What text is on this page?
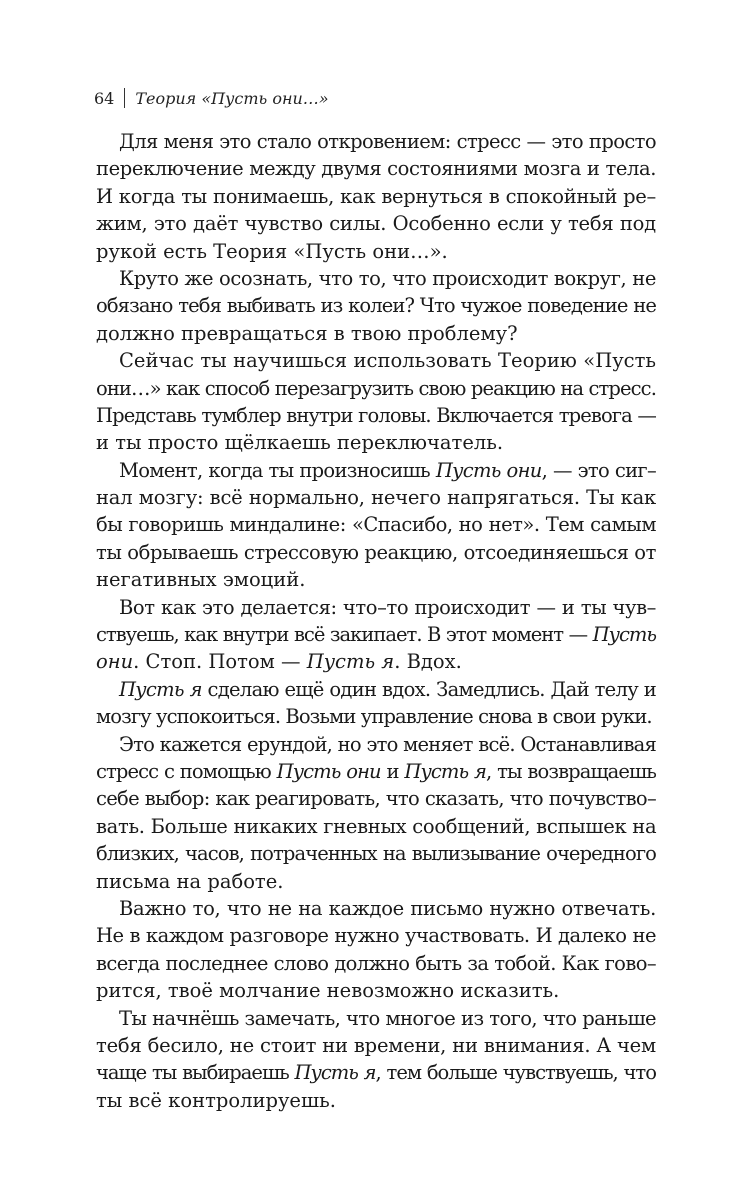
64 Теория «Пусть они…»
Для меня это стало откровением: стресс — это просто
переключение между двумя состояниями мозга и тела.
И когда ты понимаешь, как вернуться в спокойный ре–
жим, это даёт чувство силы. Особенно если у тебя под
рукой есть Теория «Пусть они…».
Круто же осознать, что то, что происходит вокруг, не
обязано тебя выбивать из колеи? Что чужое поведение не
должно превращаться в твою проблему?
Сейчас ты научишься использовать Теорию «Пусть
они…» как способ перезагрузить свою реакцию на стресс.
Представь тумблер внутри головы. Включается тревога —
и ты просто щёлкаешь переключатель.
Момент, когда ты произносишь Пусть они, — это сиг–
нал мозгу: всё нормально, нечего напрягаться. Ты как
бы говоришь миндалине: «Спасибо, но нет». Тем самым
ты обрываешь стрессовую реакцию, отсоединяешься от
негативных эмоций.
Вот как это делается: что–то происходит — и ты чув–
ствуешь, как внутри всё закипает. В этот момент — Пусть
они. Стоп. Потом — Пусть я. Вдох.
Пусть я сделаю ещё один вдох. Замедлись. Дай телу и
мозгу успокоиться. Возьми управление снова в свои руки.
Это кажется ерундой, но это меняет всё. Останавливая
стресс с помощью Пусть они и Пусть я, ты возвращаешь
себе выбор: как реагировать, что сказать, что почувство–
вать. Больше никаких гневных сообщений, вспышек на
близких, часов, потраченных на вылизывание очередного
письма на работе.
Важно то, что не на каждое письмо нужно отвечать.
Не в каждом разговоре нужно участвовать. И далеко не
всегда последнее слово должно быть за тобой. Как гово–
рится, твоё молчание невозможно исказить.
Ты начнёшь замечать, что многое из того, что раньше
тебя бесило, не стоит ни времени, ни внимания. А чем
чаще ты выбираешь Пусть я, тем больше чувствуешь, что
ты всё контролируешь.
